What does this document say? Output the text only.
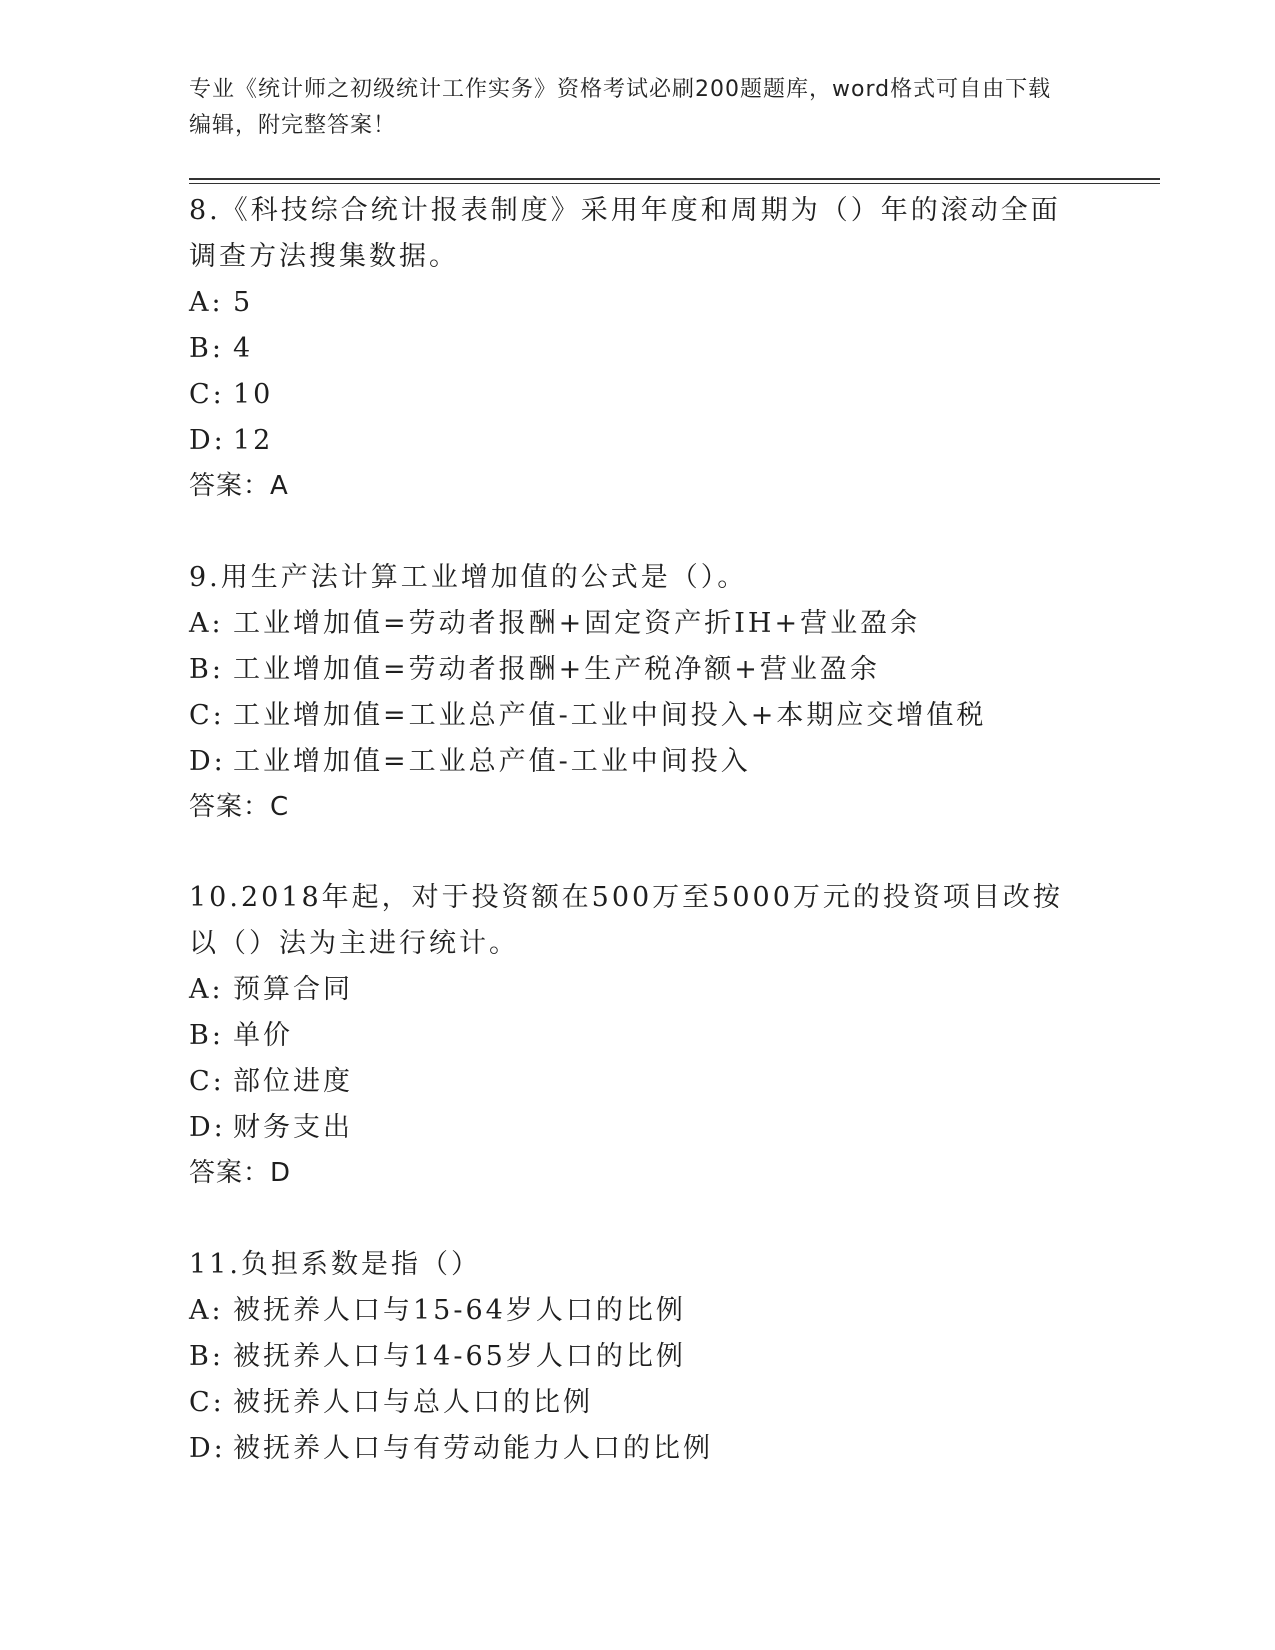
专业《统计师之初级统计工作实务》资格考试必刷200题题库，word格式可自由下载编辑，附完整答案！

8.《科技综合统计报表制度》采用年度和周期为（）年的滚动全面调查方法搜集数据。

A: 5

B: 4

C: 10

D: 12

答案：A

9.用生产法计算工业增加值的公式是（）。

A: 工业增加值=劳动者报酬+固定资产折IH+营业盈余

B: 工业增加值=劳动者报酬+生产税净额+营业盈余

C: 工业增加值=工业总产值-工业中间投入+本期应交增值税

D: 工业增加值=工业总产值-工业中间投入

答案：C

10.2018年起，对于投资额在500万至5000万元的投资项目改按以（）法为主进行统计。

A: 预算合同

B: 单价

C: 部位进度

D: 财务支出

答案：D

11.负担系数是指（）

A: 被抚养人口与15-64岁人口的比例

B: 被抚养人口与14-65岁人口的比例

C: 被抚养人口与总人口的比例

D: 被抚养人口与有劳动能力人口的比例
